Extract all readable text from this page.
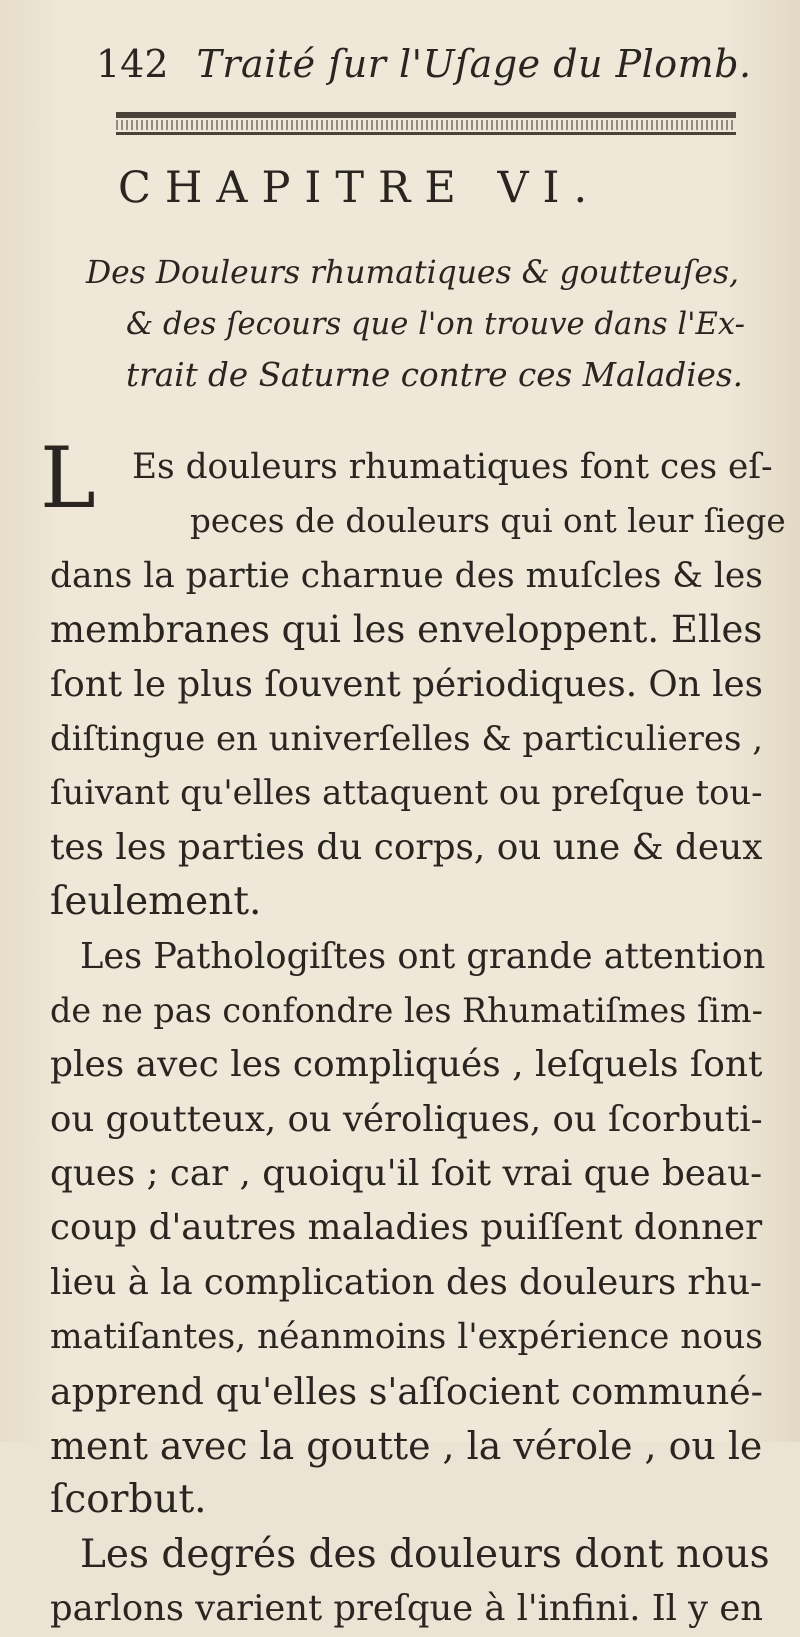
142 Traité ſur l'Uſage du Plomb.
CHAPITRE VI.
Des Douleurs rhumatiques & goutteuſes,
& des ſecours que l'on trouve dans l'Ex-
trait de Saturne contre ces Maladies.
L	Es douleurs rhumatiques font ces eſ-
peces de douleurs qui ont leur ſiege
dans la partie charnue des muſcles & les
membranes qui les enveloppent. Elles
ſont le plus ſouvent périodiques. On les
diſtingue en univerſelles & particulieres ,
ſuivant qu'elles attaquent ou preſque tou-
tes les parties du corps, ou une & deux
ſeulement.
Les Pathologiſtes ont grande attention
de ne pas confondre les Rhumatiſmes ſim-
ples avec les compliqués , leſquels ſont
ou goutteux, ou véroliques, ou ſcorbuti-
ques ; car , quoiqu'il ſoit vrai que beau-
coup d'autres maladies puiſſent donner
lieu à la complication des douleurs rhu-
matiſantes, néanmoins l'expérience nous
apprend qu'elles s'aſſocient communé-
ment avec la goutte , la vérole , ou le
ſcorbut.
Les degrés des douleurs dont nous
parlons varient preſque à l'infini. Il y en
